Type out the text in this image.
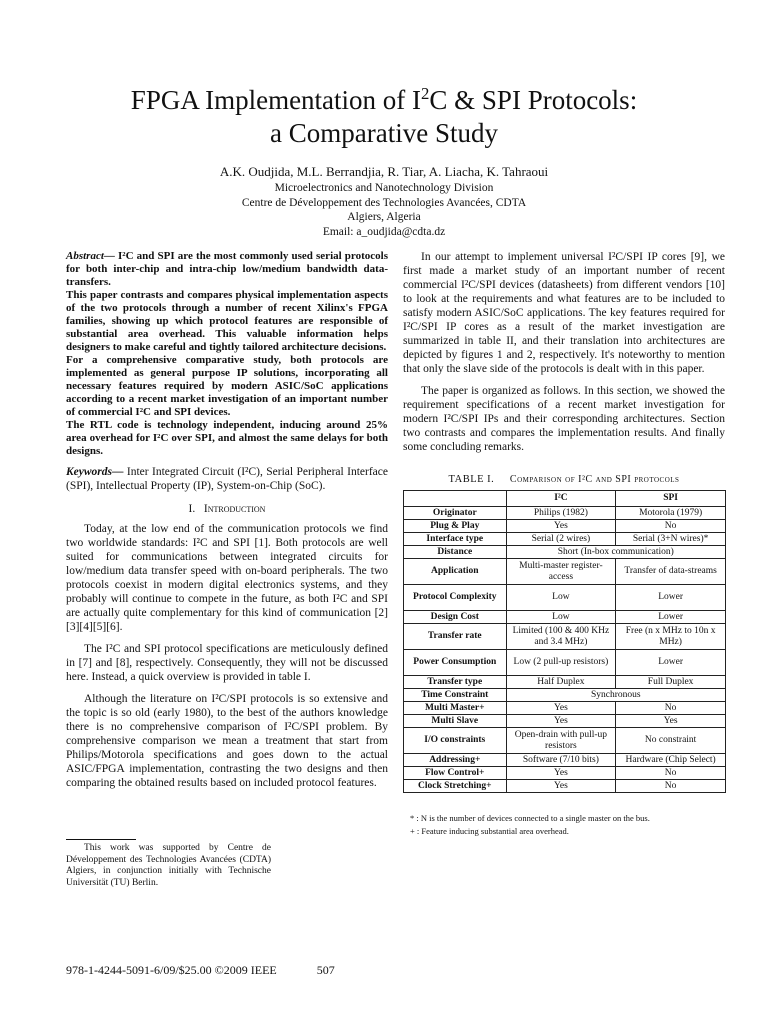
FPGA Implementation of $I^2C$ & SPI Protocols:
a Comparative Study
A.K. Oudjida, M.L. Berrandjia, R. Tiar, A. Liacha, K. Tahraoui
Microelectronics and Nanotechnology Division
Centre de Développement des Technologies Avancées, CDTA
Algiers, Algeria
Email: a_oudjida@cdta.dz

Abstract— I²C and SPI are the most commonly used serial protocols for both inter-chip and intra-chip low/medium bandwidth data-transfers.

This paper contrasts and compares physical implementation aspects of the two protocols through a number of recent Xilinx's FPGA families, showing up which protocol features are responsible of substantial area overhead. This valuable information helps designers to make careful and tightly tailored architecture decisions.

For a comprehensive comparative study, both protocols are implemented as general purpose IP solutions, incorporating all necessary features required by modern ASIC/SoC applications according to a recent market investigation of an important number of commercial I²C and SPI devices.

The RTL code is technology independent, inducing around 25% area overhead for I²C over SPI, and almost the same delays for both designs.

Keywords— Inter Integrated Circuit (I²C), Serial Peripheral Interface (SPI), Intellectual Property (IP), System-on-Chip (SoC).

I. Introduction

Today, at the low end of the communication protocols we find two worldwide standards: I²C and SPI [1]. Both protocols are well suited for communications between integrated circuits for low/medium data transfer speed with on-board peripherals. The two protocols coexist in modern digital electronics systems, and they probably will continue to compete in the future, as both I²C and SPI are actually quite complementary for this kind of communication [2][3][4][5][6].

The I²C and SPI protocol specifications are meticulously defined in [7] and [8], respectively. Consequently, they will not be discussed here. Instead, a quick overview is provided in table I.

Although the literature on I²C/SPI protocols is so extensive and the topic is so old (early 1980), to the best of the authors knowledge there is no comprehensive comparison of I²C/SPI problem. By comprehensive comparison we mean a treatment that start from Philips/Motorola specifications and goes down to the actual ASIC/FPGA implementation, contrasting the two designs and then comparing the obtained results based on included protocol features.

This work was supported by Centre de Développement des Technologies Avancées (CDTA) Algiers, in conjunction initially with Technische Universität (TU) Berlin.

In our attempt to implement universal I²C/SPI IP cores [9], we first made a market study of an important number of recent commercial I²C/SPI devices (datasheets) from different vendors [10] to look at the requirements and what features are to be included to satisfy modern ASIC/SoC applications. The key features required for I²C/SPI IP cores as a result of the market investigation are summarized in table II, and their translation into architectures are depicted by figures 1 and 2, respectively. It's noteworthy to mention that only the slave side of the protocols is dealt with in this paper.

The paper is organized as follows. In this section, we showed the requirement specifications of a recent market investigation for modern I²C/SPI IPs and their corresponding architectures. Section two contrasts and compares the implementation results. And finally some concluding remarks.

TABLE I. Comparison of I²C and SPI protocols
	I²C	SPI
Originator	Philips (1982)	Motorola (1979)
Plug & Play	Yes	No
Interface type	Serial (2 wires)	Serial (3+N wires)*
Distance	Short (In-box communication)	
Application	Multi-master register-access	Transfer of data-streams
Protocol Complexity	Low	Lower
Design Cost	Low	Lower
Transfer rate	Limited (100 & 400 KHz and 3.4 MHz)	Free (n x MHz to 10n x MHz)
Power Consumption	Low (2 pull-up resistors)	Lower
Transfer type	Half Duplex	Full Duplex
Time Constraint	Synchronous	
Multi Master+	Yes	No
Multi Slave	Yes	Yes
I/O constraints	Open-drain with pull-up resistors	No constraint
Addressing+	Software (7/10 bits)	Hardware (Chip Select)
Flow Control+	Yes	No
Clock Stretching+	Yes	No
* : N is the number of devices connected to a single master on the bus.
+ : Feature inducing substantial area overhead.
978-1-4244-5091-6/09/$25.00 ©2009 IEEE	507
